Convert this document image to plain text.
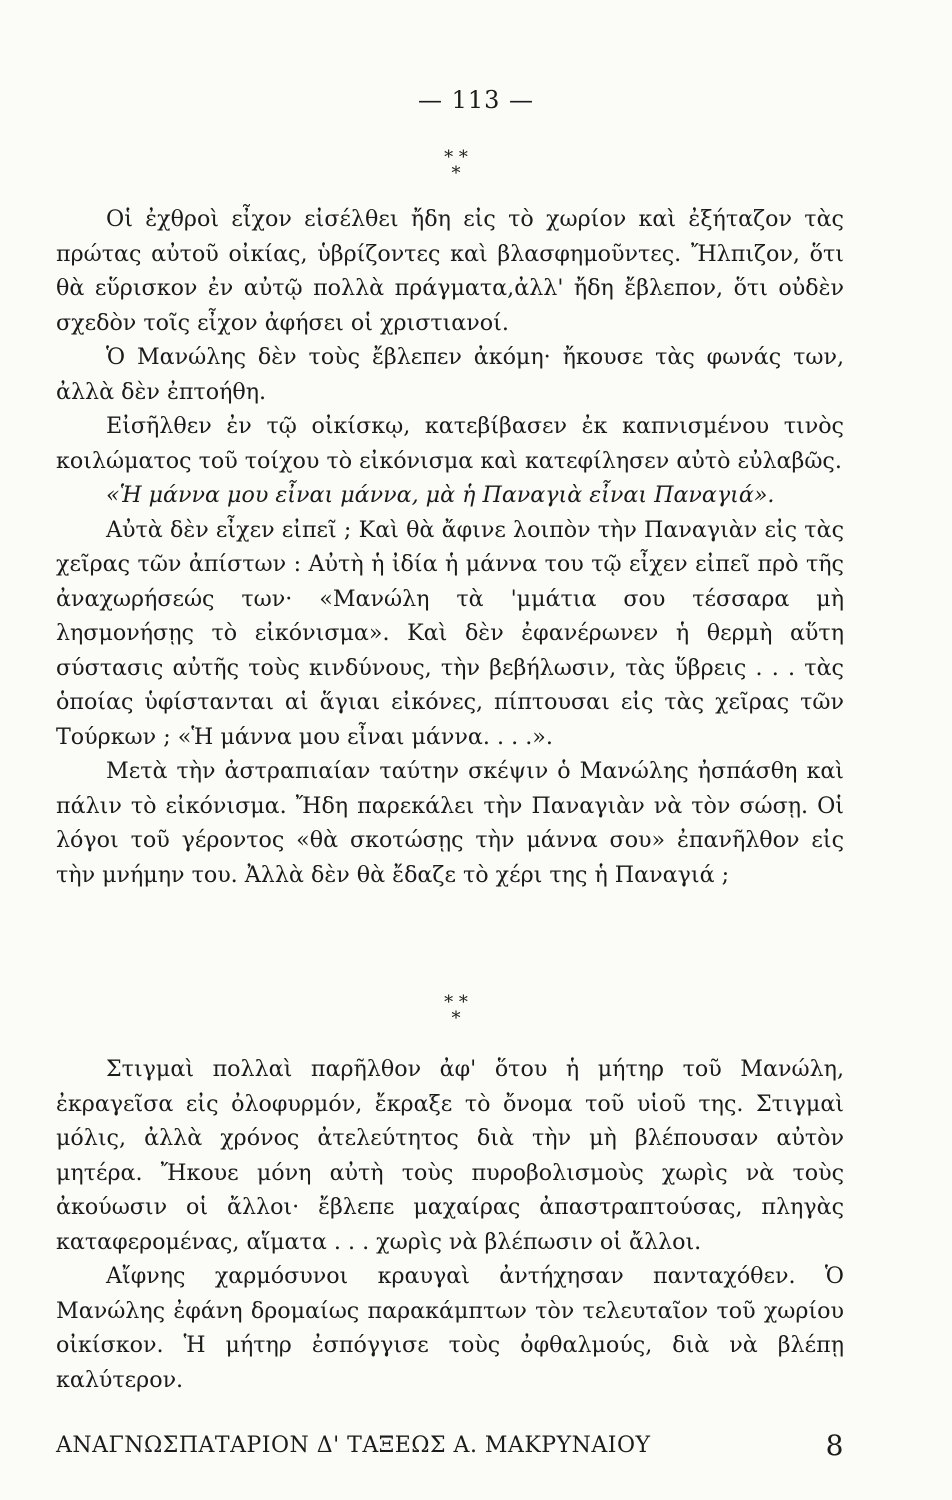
— 113 —
* *
*

Οἱ ἐχθροὶ εἶχον εἰσέλθει ἤδη εἰς τὸ χωρίον καὶ ἐξήταζον τὰς πρώτας αὐτοῦ οἰκίας, ὑβρίζοντες καὶ βλασφημοῦντες. Ἤλπιζον, ὅτι θὰ εὕρισκον ἐν αὐτῷ πολλὰ πράγματα,ἀλλ' ἤδη ἔβλεπον, ὅτι οὐδὲν σχεδὸν τοῖς εἶχον ἀφήσει οἱ χριστιανοί.

Ὁ Μανώλης δὲν τοὺς ἔβλεπεν ἀκόμη· ἤκουσε τὰς φωνάς των, ἀλλὰ δὲν ἐπτοήθη.

Εἰσῆλθεν ἐν τῷ οἰκίσκῳ, κατεβίβασεν ἐκ καπνισμένου τινὸς κοιλώματος τοῦ τοίχου τὸ εἰκόνισμα καὶ κατεφίλησεν αὐτὸ εὐλαβῶς.

«Ἡ μάννα μου εἶναι μάννα, μὰ ἡ Παναγιὰ εἶναι Παναγιά».

Αὐτὰ δὲν εἶχεν εἰπεῖ ; Καὶ θὰ ἄφινε λοιπὸν τὴν Παναγιὰν εἰς τὰς χεῖρας τῶν ἀπίστων : Αὐτὴ ἡ ἰδία ἡ μάννα του τῷ εἶχεν εἰπεῖ πρὸ τῆς ἀναχωρήσεώς των· «Μανώλη τὰ 'μμάτια σου τέσσαρα μὴ λησμονήσῃς τὸ εἰκόνισμα». Καὶ δὲν ἐφανέρωνεν ἡ θερμὴ αὕτη σύστασις αὐτῆς τοὺς κινδύνους, τὴν βεβήλωσιν, τὰς ὕβρεις . . . τὰς ὁποίας ὑφίστανται αἱ ἅγιαι εἰκόνες, πίπτουσαι εἰς τὰς χεῖρας τῶν Τούρκων ; «Ἡ μάννα μου εἶναι μάννα. . . .».

Μετὰ τὴν ἀστραπιαίαν ταύτην σκέψιν ὁ Μανώλης ἠσπάσθη καὶ πάλιν τὸ εἰκόνισμα. Ἤδη παρεκάλει τὴν Παναγιὰν νὰ τὸν σώσῃ. Οἱ λόγοι τοῦ γέροντος «θὰ σκοτώσῃς τὴν μάννα σου» ἐπανῆλθον εἰς τὴν μνήμην του. Ἀλλὰ δὲν θὰ ἔδαζε τὸ χέρι της ἡ Παναγιά ;

* *
*

Στιγμαὶ πολλαὶ παρῆλθον ἀφ' ὅτου ἡ μήτηρ τοῦ Μανώλη, ἐκραγεῖσα εἰς ὀλοφυρμόν, ἔκραξε τὸ ὄνομα τοῦ υἱοῦ της. Στιγμαὶ μόλις, ἀλλὰ χρόνος ἀτελεύτητος διὰ τὴν μὴ βλέπουσαν αὐτὸν μητέρα. Ἤκουε μόνη αὐτὴ τοὺς πυροβολισμοὺς χωρὶς νὰ τοὺς ἀκούωσιν οἱ ἄλλοι· ἔβλεπε μαχαίρας ἀπαστραπτούσας, πληγὰς καταφερομένας, αἵματα . . . χωρὶς νὰ βλέπωσιν οἱ ἄλλοι.

Αἴφνης χαρμόσυνοι κραυγαὶ ἀντήχησαν πανταχόθεν. Ὁ Μανώλης ἐφάνη δρομαίως παρακάμπτων τὸν τελευταῖον τοῦ χωρίου οἰκίσκον. Ἡ μήτηρ ἐσπόγγισε τοὺς ὀφθαλμούς, διὰ νὰ βλέπῃ καλύτερον.

ΑΝΑΓΝΩΣΠΑΤΑΡΙΟΝ Δ' ΤΑΞΕΩΣ Α. ΜΑΚΡΥΝΑΙΟΥ	8
